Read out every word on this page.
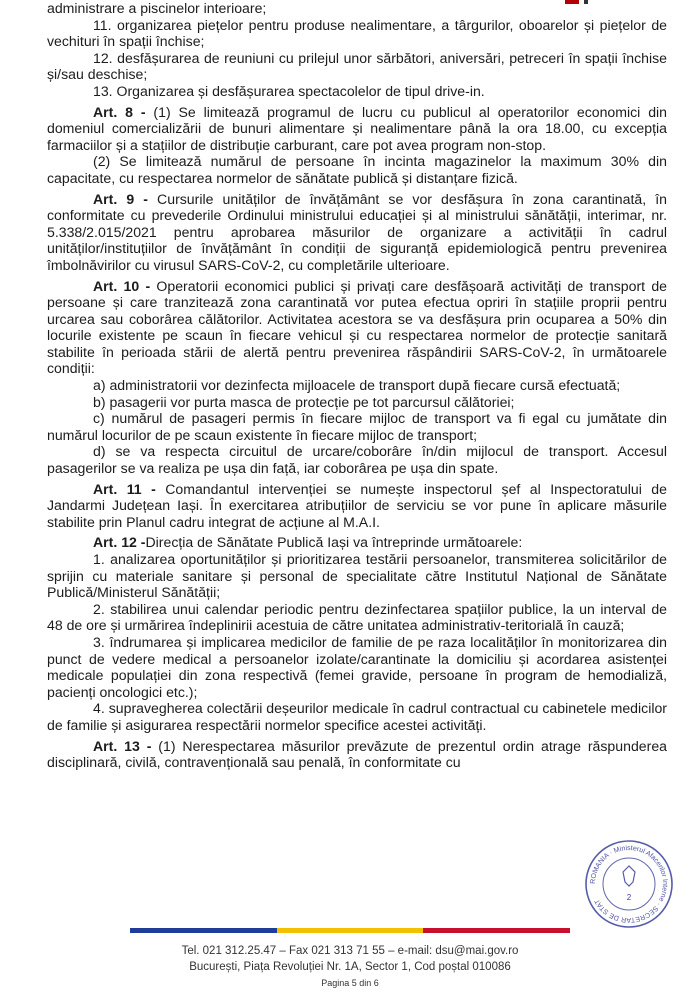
administrare a piscinelor interioare;

11. organizarea piețelor pentru produse nealimentare, a târgurilor, oboarelor și piețelor de vechituri în spații închise;

12. desfășurarea de reuniuni cu prilejul unor sărbători, aniversări, petreceri în spații închise și/sau deschise;

13. Organizarea și desfășurarea spectacolelor de tipul drive-in.

Art. 8 - (1) Se limitează programul de lucru cu publicul al operatorilor economici din domeniul comercializării de bunuri alimentare și nealimentare până la ora 18.00, cu excepția farmaciilor și a stațiilor de distribuție carburant, care pot avea program non-stop.

(2) Se limitează numărul de persoane în incinta magazinelor la maximum 30% din capacitate, cu respectarea normelor de sănătate publică și distanțare fizică.

Art. 9 - Cursurile unităților de învățământ se vor desfășura în zona carantinată, în conformitate cu prevederile Ordinului ministrului educației și al ministrului sănătății, interimar, nr. 5.338/2.015/2021 pentru aprobarea măsurilor de organizare a activității în cadrul unităților/instituțiilor de învățământ în condiții de siguranță epidemiologică pentru prevenirea îmbolnăvirilor cu virusul SARS-CoV-2, cu completările ulterioare.

Art. 10 - Operatorii economici publici și privați care desfășoară activități de transport de persoane și care tranzitează zona carantinată vor putea efectua opriri în stațiile proprii pentru urcarea sau coborârea călătorilor. Activitatea acestora se va desfășura prin ocuparea a 50% din locurile existente pe scaun în fiecare vehicul și cu respectarea normelor de protecție sanitară stabilite în perioada stării de alertă pentru prevenirea răspândirii SARS-CoV-2, în următoarele condiții:

a) administratorii vor dezinfecta mijloacele de transport după fiecare cursă efectuată;

b) pasagerii vor purta masca de protecție pe tot parcursul călătoriei;

c) numărul de pasageri permis în fiecare mijloc de transport va fi egal cu jumătate din numărul locurilor de pe scaun existente în fiecare mijloc de transport;

d) se va respecta circuitul de urcare/coborâre în/din mijlocul de transport. Accesul pasagerilor se va realiza pe ușa din față, iar coborârea pe ușa din spate.

Art. 11 - Comandantul intervenției se numește inspectorul șef al Inspectoratului de Jandarmi Județean Iași. În exercitarea atribuțiilor de serviciu se vor pune în aplicare măsurile stabilite prin Planul cadru integrat de acțiune al M.A.I.

Art. 12 -Direcția de Sănătate Publică Iași va întreprinde următoarele:

1. analizarea oportunităților și prioritizarea testării persoanelor, transmiterea solicitărilor de sprijin cu materiale sanitare și personal de specialitate către Institutul Național de Sănătate Publică/Ministerul Sănătății;

2. stabilirea unui calendar periodic pentru dezinfectarea spațiilor publice, la un interval de 48 de ore și urmărirea îndeplinirii acestuia de către unitatea administrativ-teritorială în cauză;

3. îndrumarea și implicarea medicilor de familie de pe raza localităților în monitorizarea din punct de vedere medical a persoanelor izolate/carantinate la domiciliu și acordarea asistenței medicale populației din zona respectivă (femei gravide, persoane în program de hemodializă, pacienți oncologici etc.);

4. supravegherea colectării deșeurilor medicale în cadrul contractual cu cabinetele medicilor de familie și asigurarea respectării normelor specifice acestei activități.

Art. 13 - (1) Nerespectarea măsurilor prevăzute de prezentul ordin atrage răspunderea disciplinară, civilă, contravențională sau penală, în conformitate cu

Tel. 021 312.25.47 – Fax 021 313 71 55 – e-mail: dsu@mai.gov.ro
București, Piața Revoluției Nr. 1A, Sector 1, Cod poștal 010086
Pagina 5 din 6
ROMANIA · Ministerul Afacerilor Interne · SECRETAR DE STAT	2
